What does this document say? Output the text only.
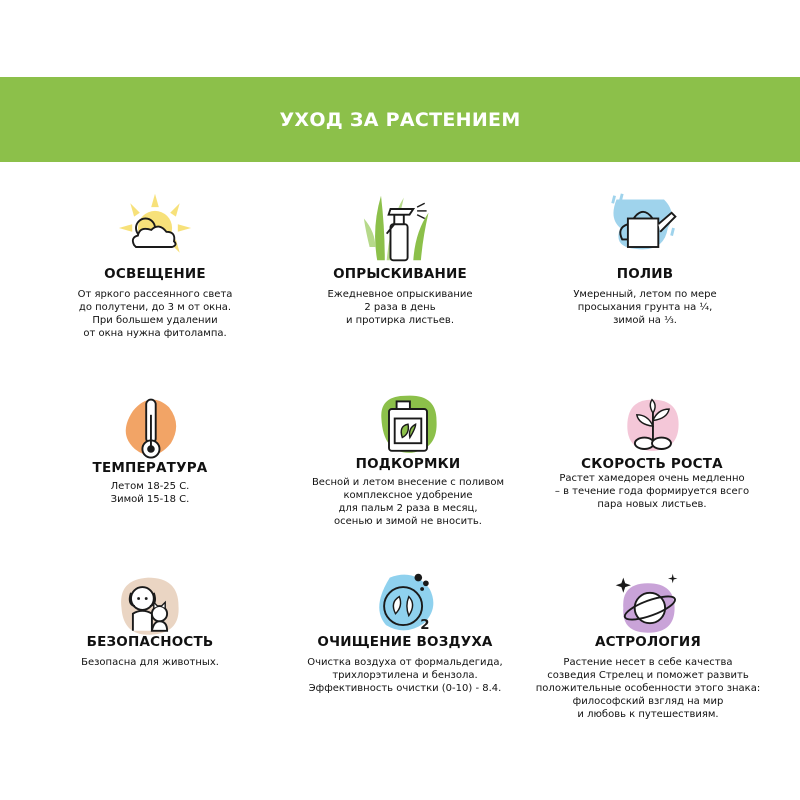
УХОД ЗА РАСТЕНИЕМ
ОСВЕЩЕНИЕ
От яркого рассеянного света
до полутени, до 3 м от окна.
При большем удалении
от окна нужна фитолампа.
ОПРЫСКИВАНИЕ
Ежедневное опрыскивание
2 раза в день
и протирка листьев.
ПОЛИВ
Умеренный, летом по мере
просыхания грунта на ¼,
зимой на ⅓.
ТЕМПЕРАТУРА
Летом 18-25 С.
Зимой 15-18 С.
ПОДКОРМКИ
Весной и летом внесение с поливом
комплексное удобрение
для пальм 2 раза в месяц,
осенью и зимой не вносить.
СКОРОСТЬ РОСТА
Растет хамедорея очень медленно
– в течение года формируется всего
пара новых листьев.
БЕЗОПАСНОСТЬ
Безопасна для животных.
2
ОЧИЩЕНИЕ ВОЗДУХА
Очистка воздуха от формальдегида,
трихлорэтилена и бензола.
Эффективность очистки (0-10) - 8.4.
АСТРОЛОГИЯ
Растение несет в себе качества
созведия Стрелец и поможет развить
положительные особенности этого знака:
философский взгляд на мир
и любовь к путешествиям.
